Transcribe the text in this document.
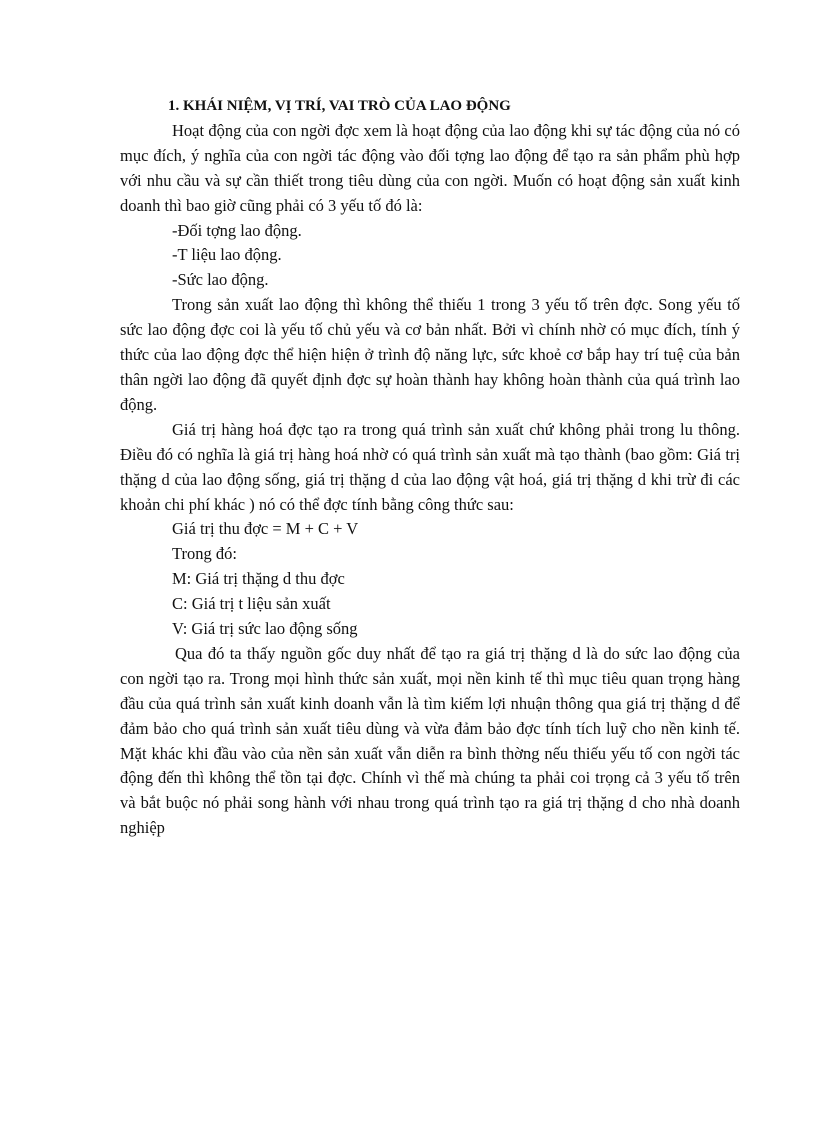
1. KHÁI NIỆM, VỊ TRÍ, VAI TRÒ CỦA LAO ĐỘNG

Hoạt động của con ngời đợc xem là hoạt động của lao động khi sự tác động của nó có mục đích, ý nghĩa của con ngời tác động vào đối tợng lao động để tạo ra sản phẩm phù hợp với nhu cầu và sự cần thiết trong tiêu dùng của con ngời. Muốn có hoạt động sản xuất kinh doanh thì bao giờ cũng phải có 3 yếu tố đó là:

-Đối tợng lao động.
-T liệu lao động.
-Sức lao động.

Trong sản xuất lao động thì không thể thiếu 1 trong 3 yếu tố trên đợc. Song yếu tố sức lao động đợc coi là yếu tố chủ yếu và cơ bản nhất. Bởi vì chính nhờ có mục đích, tính ý thức của lao động đợc thể hiện hiện ở trình độ năng lực, sức khoẻ cơ bắp hay trí tuệ của bản thân ngời lao động đã quyết định đợc sự hoàn thành hay không hoàn thành của quá trình lao động.

Giá trị hàng hoá đợc tạo ra trong quá trình sản xuất chứ không phải trong lu thông. Điều đó có nghĩa là giá trị hàng hoá nhờ có quá trình sản xuất mà tạo thành (bao gồm: Giá trị thặng d của lao động sống, giá trị thặng d của lao động vật hoá, giá trị thặng d khi trừ đi các khoản chi phí khác ) nó có thể đợc tính bằng công thức sau:

Giá trị thu đợc = M + C + V
Trong đó:
M: Giá trị thặng d thu đợc
C: Giá trị t liệu sản xuất
V: Giá trị sức lao động sống

Qua đó ta thấy nguồn gốc duy nhất để tạo ra giá trị thặng d là do sức lao động của con ngời tạo ra. Trong mọi hình thức sản xuất, mọi nền kinh tế thì mục tiêu quan trọng hàng đầu của quá trình sản xuất kinh doanh vẫn là tìm kiếm lợi nhuận thông qua giá trị thặng d để đảm bảo cho quá trình sản xuất tiêu dùng và vừa đảm bảo đợc tính tích luỹ cho nền kinh tế. Mặt khác khi đầu vào của nền sản xuất vẫn diễn ra bình thờng nếu thiếu yếu tố con ngời tác động đến thì không thể tồn tại đợc. Chính vì thế mà chúng ta phải coi trọng cả 3 yếu tố trên và bắt buộc nó phải song hành với nhau trong quá trình tạo ra giá trị thặng d cho nhà doanh nghiệp
